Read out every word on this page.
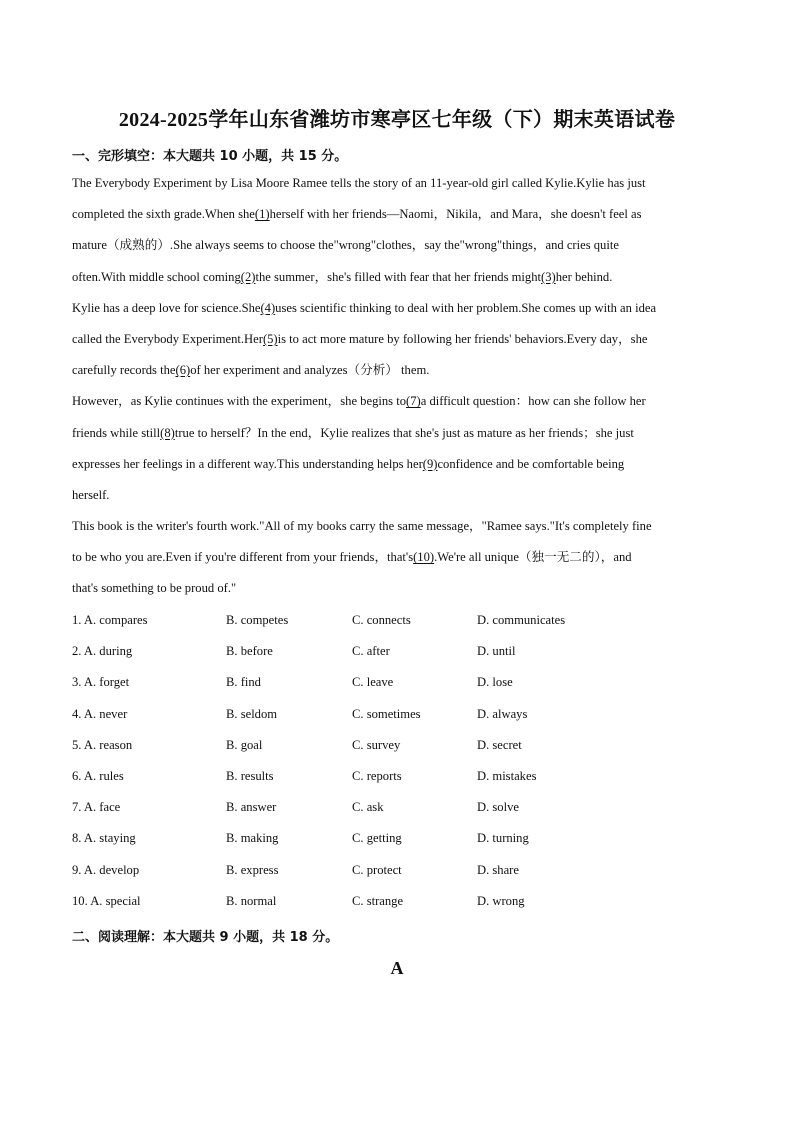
2024-2025学年山东省潍坊市寒亭区七年级（下）期末英语试卷
一、完形填空：本大题共 10 小题，共 15 分。
The Everybody Experiment by Lisa Moore Ramee tells the story of an 11-year-old girl called Kylie.Kylie has just
completed the sixth grade.When she(1)herself with her friends—Naomi，Nikila，and Mara，she doesn't feel as
mature（成熟的）.She always seems to choose the"wrong"clothes，say the"wrong"things，and cries quite
often.With middle school coming(2)the summer，she's filled with fear that her friends might(3)her behind.
Kylie has a deep love for science.She(4)uses scientific thinking to deal with her problem.She comes up with an idea
called the Everybody Experiment.Her(5)is to act more mature by following her friends' behaviors.Every day，she
carefully records the(6)of her experiment and analyzes（分析） them.
However，as Kylie continues with the experiment，she begins to(7)a difficult question：how can she follow her
friends while still(8)true to herself？In the end，Kylie realizes that she's just as mature as her friends；she just
expresses her feelings in a different way.This understanding helps her(9)confidence and be comfortable being
herself.
This book is the writer's fourth work."All of my books carry the same message，"Ramee says."It's completely fine
to be who you are.Even if you're different from your friends，that's(10).We're all unique（独一无二的），and
that's something to be proud of."
1. A. compares	B. competes	C. connects	D. communicates
2. A. during	B. before	C. after	D. until
3. A. forget	B. find	C. leave	D. lose
4. A. never	B. seldom	C. sometimes	D. always
5. A. reason	B. goal	C. survey	D. secret
6. A. rules	B. results	C. reports	D. mistakes
7. A. face	B. answer	C. ask	D. solve
8. A. staying	B. making	C. getting	D. turning
9. A. develop	B. express	C. protect	D. share
10. A. special	B. normal	C. strange	D. wrong
二、阅读理解：本大题共 9 小题，共 18 分。
A
